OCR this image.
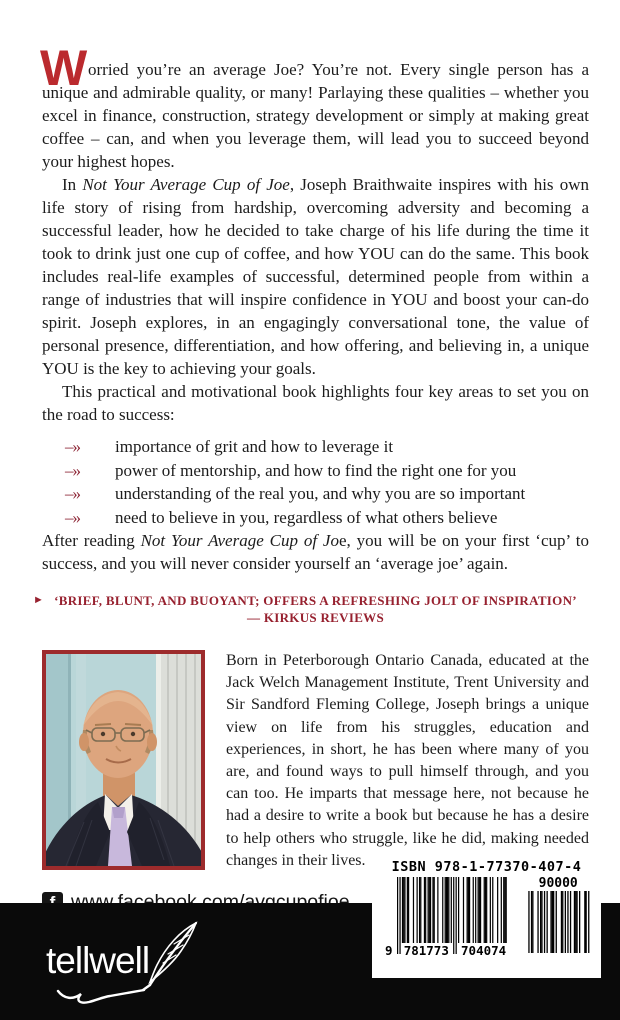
W orried you’re an average Joe? You’re not. Every single person has a unique and admirable quality, or many! Parlaying these qualities – whether you excel in finance, construction, strategy development or simply at making great coffee – can, and when you leverage them, will lead you to succeed beyond your highest hopes.

In Not Your Average Cup of Joe, Joseph Braithwaite inspires with his own life story of rising from hardship, overcoming adversity and becoming a successful leader, how he decided to take charge of his life during the time it took to drink just one cup of coffee, and how YOU can do the same. This book includes real-life examples of successful, determined people from within a range of industries that will inspire confidence in YOU and boost your can-do spirit. Joseph explores, in an engagingly conversational tone, the value of personal presence, differentiation, and how offering, and believing in, a unique YOU is the key to achieving your goals.

This practical and motivational book highlights four key areas to set you on the road to success:

–»	importance of grit and how to leverage it
–»	power of mentorship, and how to find the right one for you
–»	understanding of the real you, and why you are so important
–»	need to believe in you, regardless of what others believe

After reading Not Your Average Cup of Joe, you will be on your first ‘cup’ to success, and you will never consider yourself an ‘average joe’ again.

► ‘BRIEF, BLUNT, AND BUOYANT; OFFERS A REFRESHING JOLT OF INSPIRATION’
— KIRKUS REVIEWS

Born in Peterborough Ontario Canada, educated at the Jack Welch Management Institute, Trent University and Sir Sandford Fleming College, Joseph brings a unique view on life from his struggles, education and experiences, in short, he has been where many of you are, and found ways to pull himself through, and you can too. He imparts that message here, not because he had a desire to write a book but because he has a desire to help others who struggle, like he did, making needed changes in their lives.

tellwell
ISBN 978-1-77370-407-4
9 781773 704074
90000
